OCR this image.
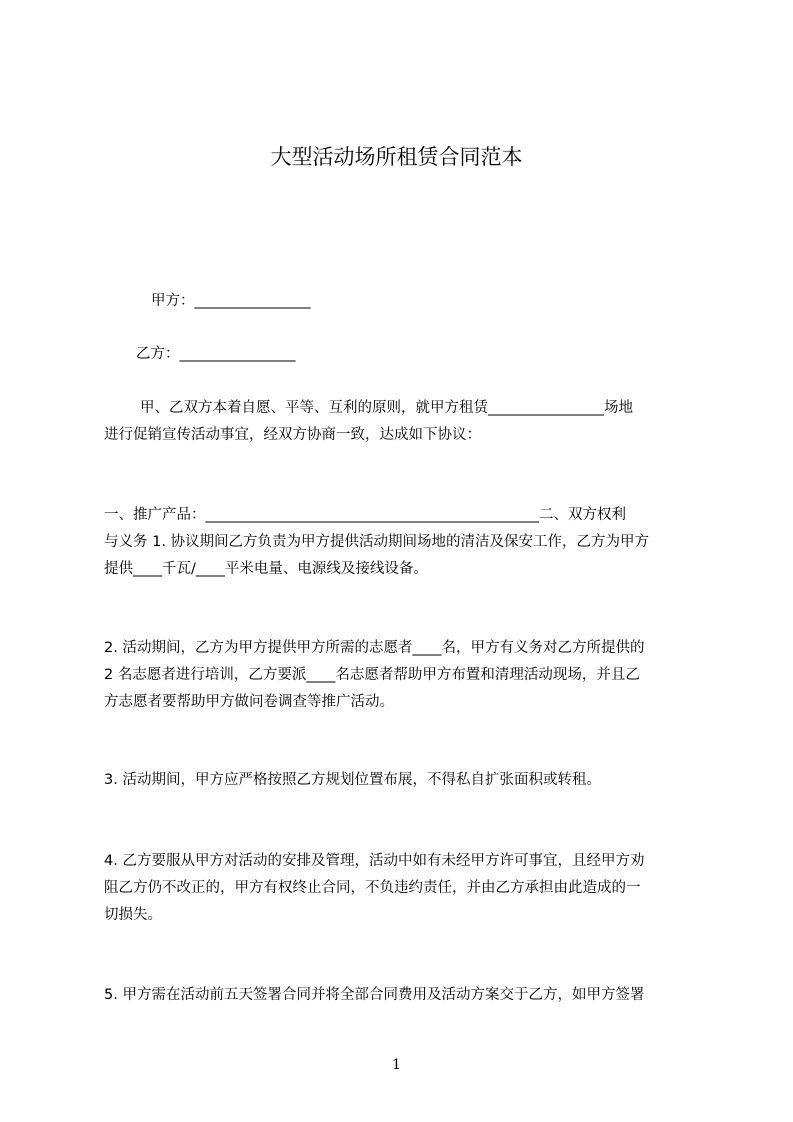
大型活动场所租赁合同范本
甲方：________________
乙方：________________
甲、乙双方本着自愿、平等、互利的原则，就甲方租赁________________场地
进行促销宣传活动事宜，经双方协商一致，达成如下协议：
一、推广产品：______________________________________________二、双方权利
与义务 1. 协议期间乙方负责为甲方提供活动期间场地的清洁及保安工作，乙方为甲方
提供____千瓦/____平米电量、电源线及接线设备。
2. 活动期间，乙方为甲方提供甲方所需的志愿者____名，甲方有义务对乙方所提供的
2 名志愿者进行培训，乙方要派____名志愿者帮助甲方布置和清理活动现场，并且乙
方志愿者要帮助甲方做问卷调查等推广活动。
3. 活动期间，甲方应严格按照乙方规划位置布展，不得私自扩张面积或转租。
4. 乙方要服从甲方对活动的安排及管理，活动中如有未经甲方许可事宜，且经甲方劝
阻乙方仍不改正的，甲方有权终止合同，不负违约责任，并由乙方承担由此造成的一
切损失。
5. 甲方需在活动前五天签署合同并将全部合同费用及活动方案交于乙方，如甲方签署
1
